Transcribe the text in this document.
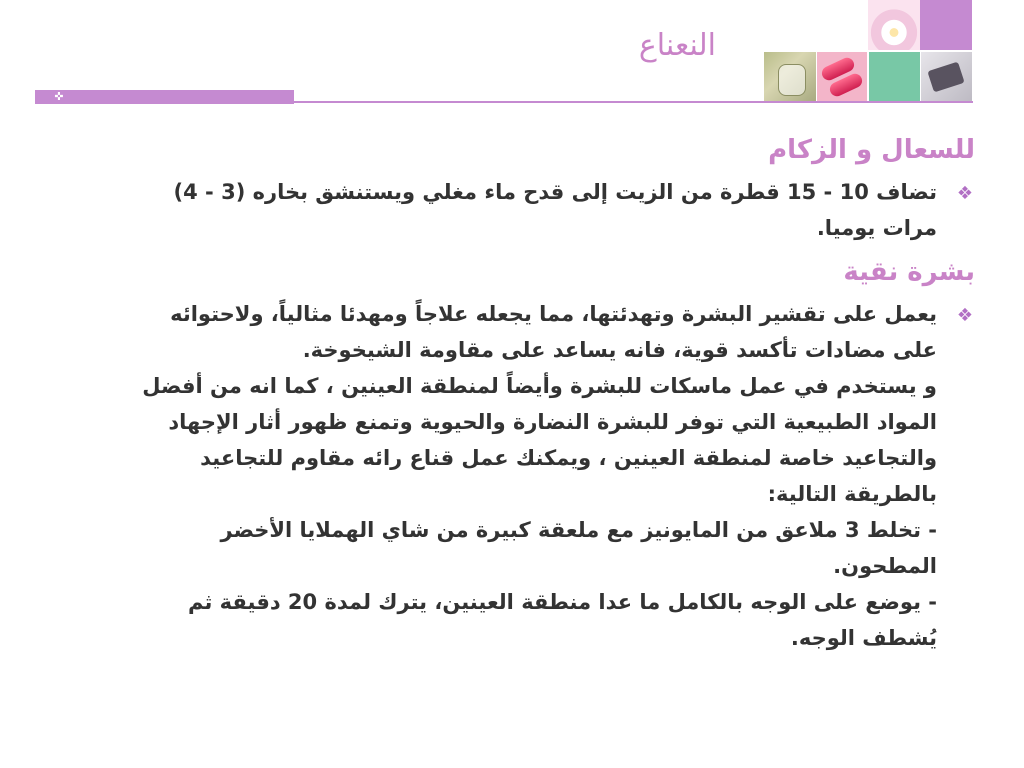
النعناع
✜
للسعال و الزكام
❖
تضاف 10 - 15 قطرة من الزيت إلى قدح ماء مغلي ويستنشق بخاره (3 - 4)
مرات يوميا.
بشرة نقية
❖
يعمل على تقشير البشرة وتهدئتها، مما يجعله علاجاً ومهدئا مثالياً، ولاحتوائه
على مضادات تأكسد قوية، فانه يساعد على مقاومة الشيخوخة.
و يستخدم في عمل ماسكات للبشرة وأيضاً لمنطقة العينين ، كما انه من أفضل
المواد الطبيعية التي توفر للبشرة النضارة والحيوية وتمنع ظهور أثار الإجهاد
والتجاعيد خاصة لمنطقة العينين ، ويمكنك عمل قناع رائه مقاوم للتجاعيد
بالطريقة التالية:
- تخلط 3 ملاعق من المايونيز مع ملعقة كبيرة من شاي الهملايا الأخضر
المطحون.
- يوضع على الوجه بالكامل ما عدا منطقة العينين، يترك لمدة 20 دقيقة ثم
يُشطف الوجه.
